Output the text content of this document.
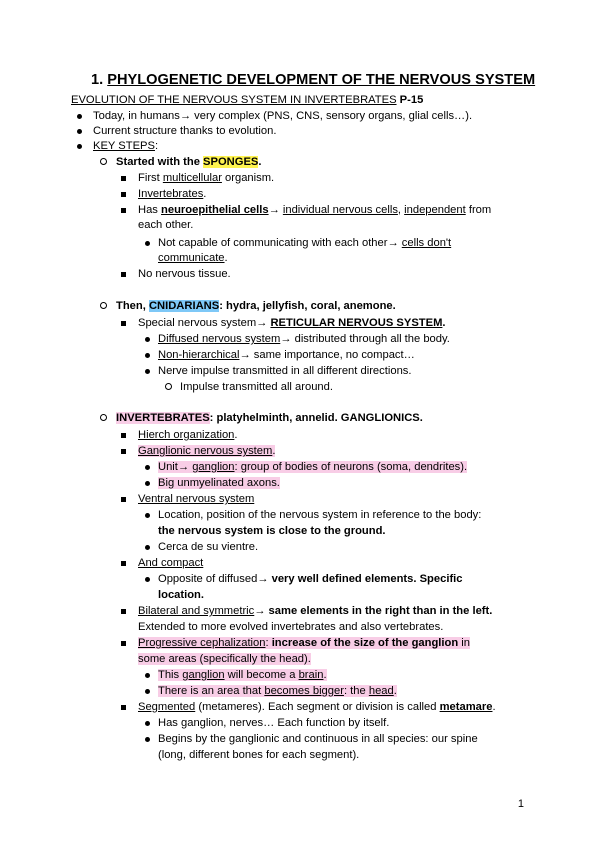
1. PHYLOGENETIC DEVELOPMENT OF THE NERVOUS SYSTEM
EVOLUTION OF THE NERVOUS SYSTEM IN INVERTEBRATES P-15
Today, in humans→ very complex (PNS, CNS, sensory organs, glial cells…).
Current structure thanks to evolution.
KEY STEPS:
Started with the SPONGES.
First multicellular organism.
Invertebrates.
Has neuroepithelial cells→ individual nervous cells, independent from
each other.
Not capable of communicating with each other→ cells don't
communicate.
No nervous tissue.
Then, CNIDARIANS: hydra, jellyfish, coral, anemone.
Special nervous system→ RETICULAR NERVOUS SYSTEM.
Diffused nervous system→ distributed through all the body.
Non-hierarchical→ same importance, no compact…
Nerve impulse transmitted in all different directions.
Impulse transmitted all around.
INVERTEBRATES: platyhelminth, annelid. GANGLIONICS.
Hierch organization.
Ganglionic nervous system.
Unit→ ganglion: group of bodies of neurons (soma, dendrites).
Big unmyelinated axons.
Ventral nervous system
Location, position of the nervous system in reference to the body:
the nervous system is close to the ground.
Cerca de su vientre.
And compact
Opposite of diffused→ very well defined elements. Specific
location.
Bilateral and symmetric→ same elements in the right than in the left.
Extended to more evolved invertebrates and also vertebrates.
Progressive cephalization: increase of the size of the ganglion in
some areas (specifically the head).
This ganglion will become a brain.
There is an area that becomes bigger: the head.
Segmented (metameres). Each segment or division is called metamare.
Has ganglion, nerves… Each function by itself.
Begins by the ganglionic and continuous in all species: our spine
(long, different bones for each segment).
1
